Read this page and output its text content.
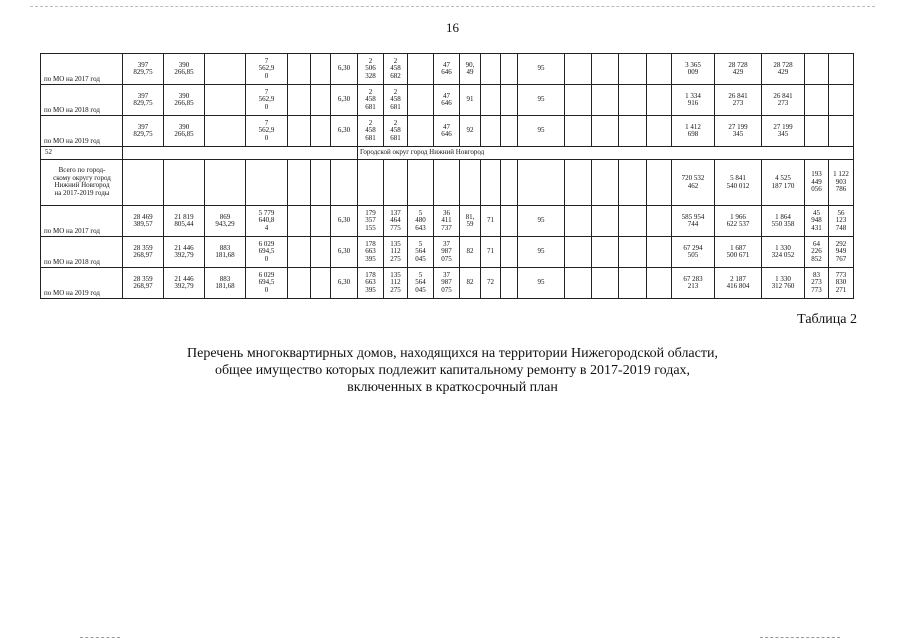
16
по МО на 2017 год	397
829,75	390
266,85		7
562,9
0			6,30	2
506
328	2
458
682		47
646	90,
49			95					3 365
009	28 728
429	28 728
429		
по МО на 2018 год	397
829,75	390
266,85		7
562,9
0			6,30	2
458
681	2
458
681		47
646	91			95					1 334
916	26 841
273	26 841
273		
по МО на 2019 год	397
829,75	390
266,85		7
562,9
0			6,30	2
458
681	2
458
681		47
646	92			95					1 412
698	27 199
345	27 199
345		
52								Городской округ город Нижний Новгород																
Всего по город-
скому округу город
Нижний Новгород
на 2017-2019 годы																				720 532
462	5 841
540 012	4 525
187 170	193
449
056	1 122
903
786
по МО на 2017 год	28 469
389,57	21 819
805,44	869
943,29	5 779
640,8
4			6,30	179
357
155	137
464
775	5
480
643	36
411
737	81,
59	71		95					585 954
744	1 966
622 537	1 864
550 358	45
948
431	56
123
748
по МО на 2018 год	28 359
268,97	21 446
392,79	883
181,68	6 029
694,5
0			6,30	178
663
395	135
112
275	5
564
045	37
987
075	82	71		95					67 294
505	1 687
500 671	1 330
324 052	64
226
852	292
949
767
по МО на 2019 год	28 359
268,97	21 446
392,79	883
181,68	6 029
694,5
0			6,30	178
663
395	135
112
275	5
564
045	37
987
075	82	72		95					67 283
213	2 187
416 804	1 330
312 760	83
273
773	773
830
271
Таблица 2
Перечень многоквартирных домов, находящихся на территории Нижегородской области,
общее имущество которых подлежит капитальному ремонту в 2017-2019 годах,
включенных в краткосрочный план
